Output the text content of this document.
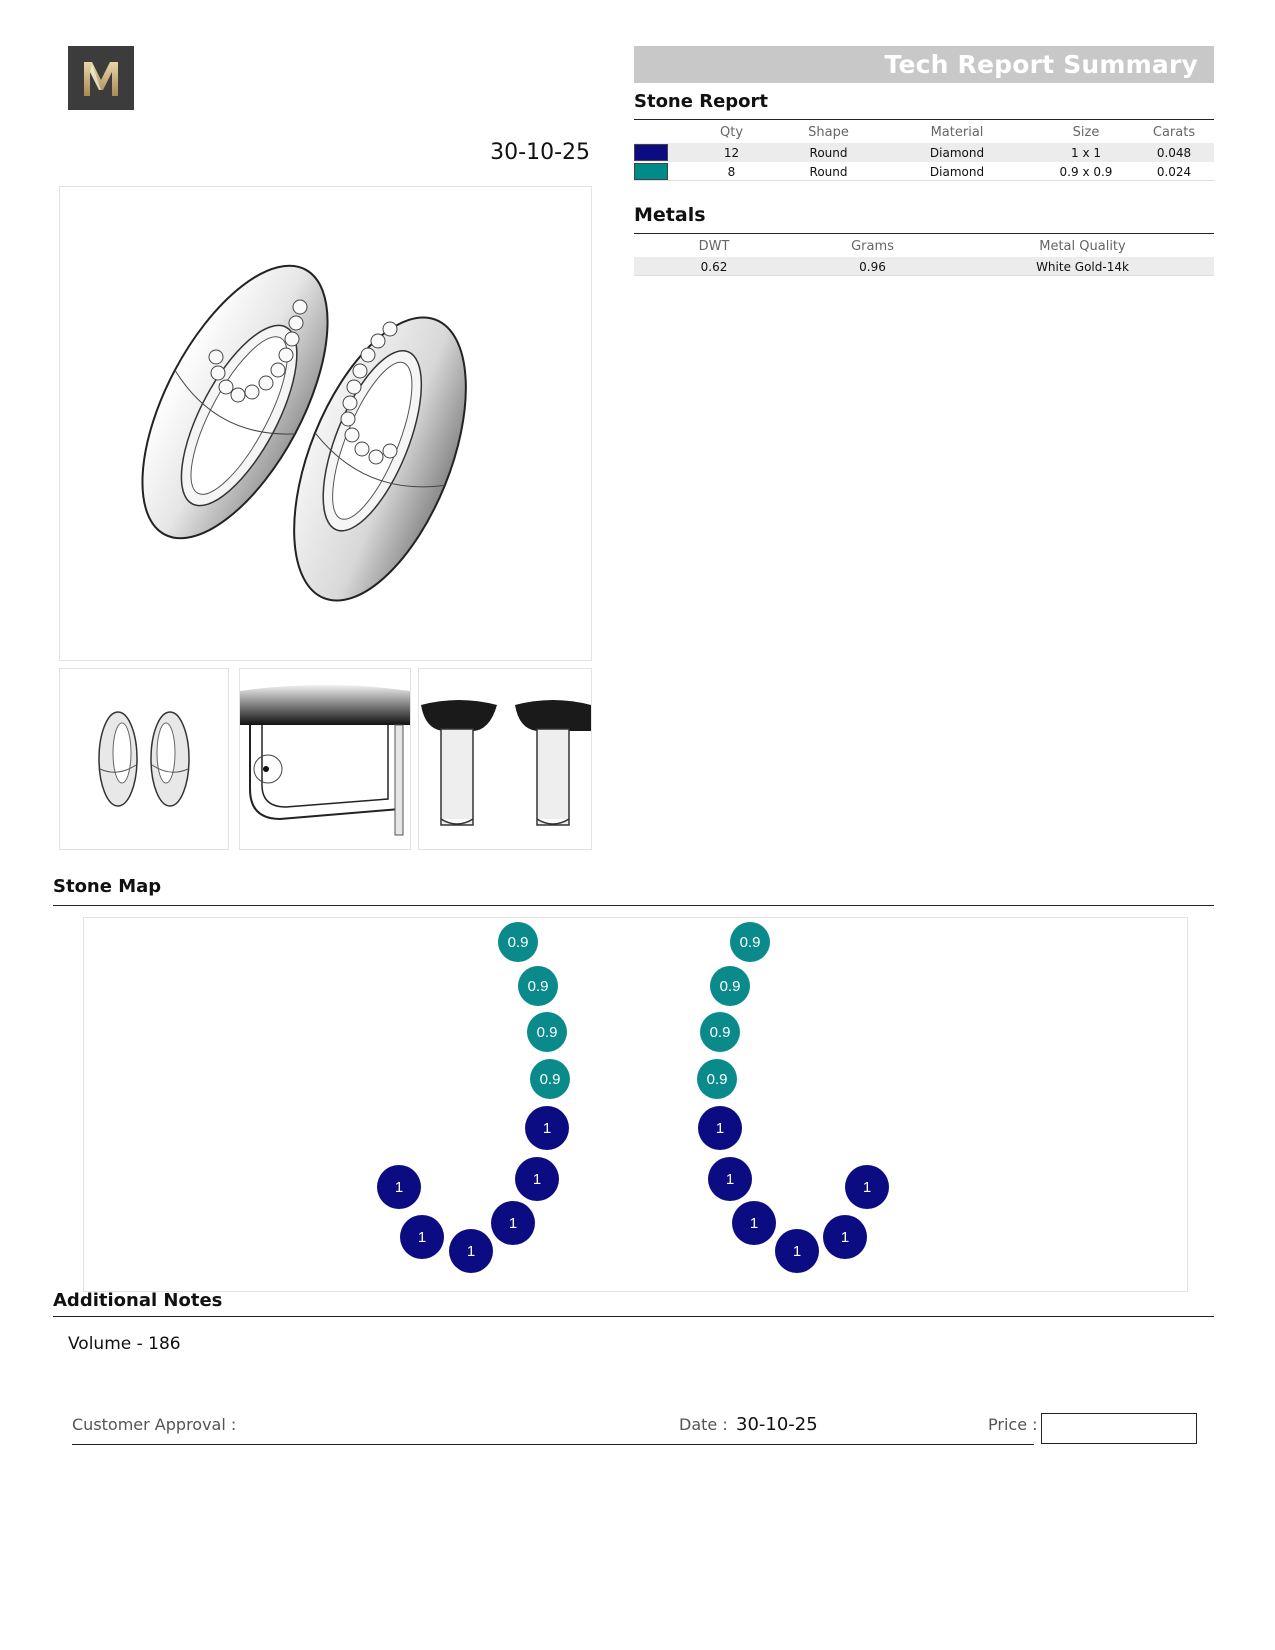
Tech Report Summary
Stone Report
	Qty	Shape	Material	Size	Carats
	12	Round	Diamond	1 x 1	0.048
	8	Round	Diamond	0.9 x 0.9	0.024
Metals
DWT	Grams	Metal Quality
0.62	0.96	White Gold-14k
30-10-25
Stone Map
0.9
0.9
0.9
0.9
1
1
1
1
1
1
0.9
0.9
0.9
0.9
1
1
1
1
1
1
Additional Notes
Volume - 186
Customer Approval :	Date : 30-10-25	Price :
